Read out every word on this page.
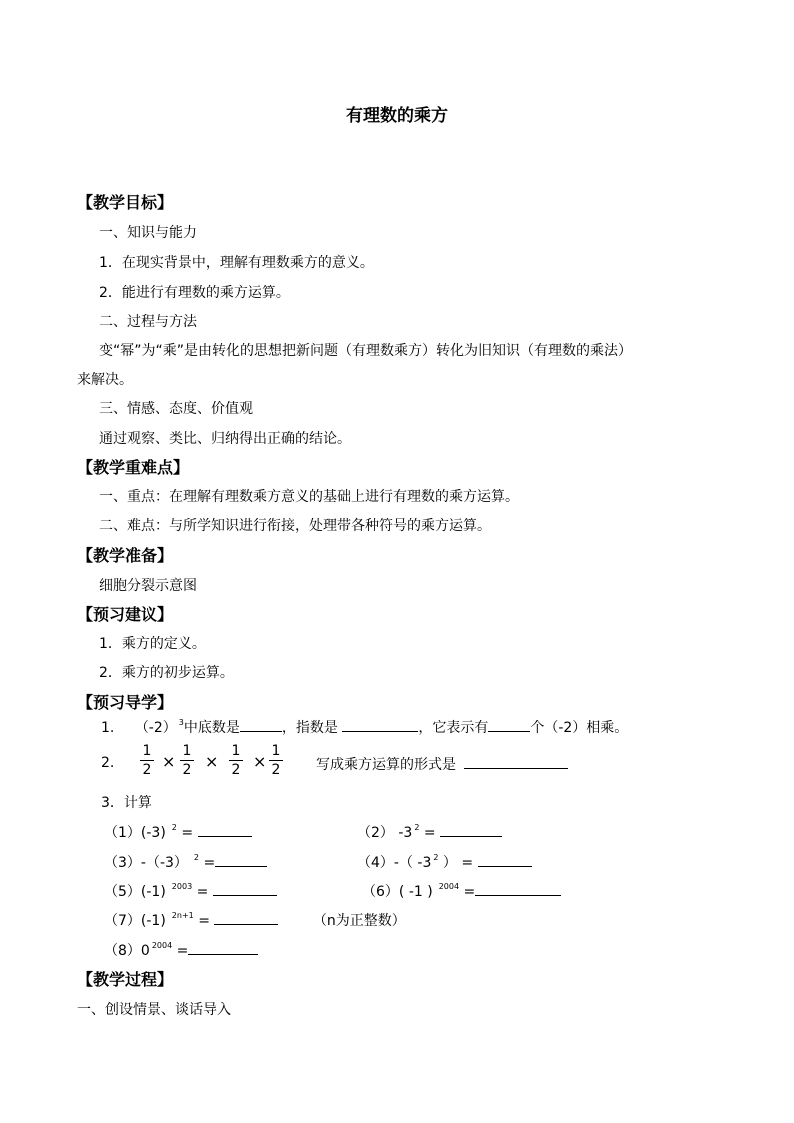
有理数的乘方
【教学目标】
一、知识与能力
1．在现实背景中，理解有理数乘方的意义。
2．能进行有理数的乘方运算。
二、过程与方法
变“幂”为“乘”是由转化的思想把新问题（有理数乘方）转化为旧知识（有理数的乘法）
来解决。
三、情感、态度、价值观
通过观察、类比、归纳得出正确的结论。
【教学重难点】
一、重点：在理解有理数乘方意义的基础上进行有理数的乘方运算。
二、难点：与所学知识进行衔接，处理带各种符号的乘方运算。
【教学准备】
细胞分裂示意图
【预习建议】
1．乘方的定义。
2．乘方的初步运算。
【预习导学】
1. （-2） $^3$中底数是	，指数是	，它表示有	个（-2）相乘。
2. $\frac{1}{2} \times \frac{1}{2} \times \frac{1}{2} \times \frac{1}{2}$ 写成乘方运算的形式是
3．计算
（1）(-3) $^2$ =	（2） -3 $^2$ =
（3）-（-3） $^2$ =	（4）-（ -3 $^2$ ） =
（5）(-1) $^{2003}$ =	（6）( -1 ) $^{2004}$ =
（7）(-1) $^{2n+1}$ =	（n为正整数）
（8）0 $^{2004}$ =
【教学过程】
一、创设情景、谈话导入
